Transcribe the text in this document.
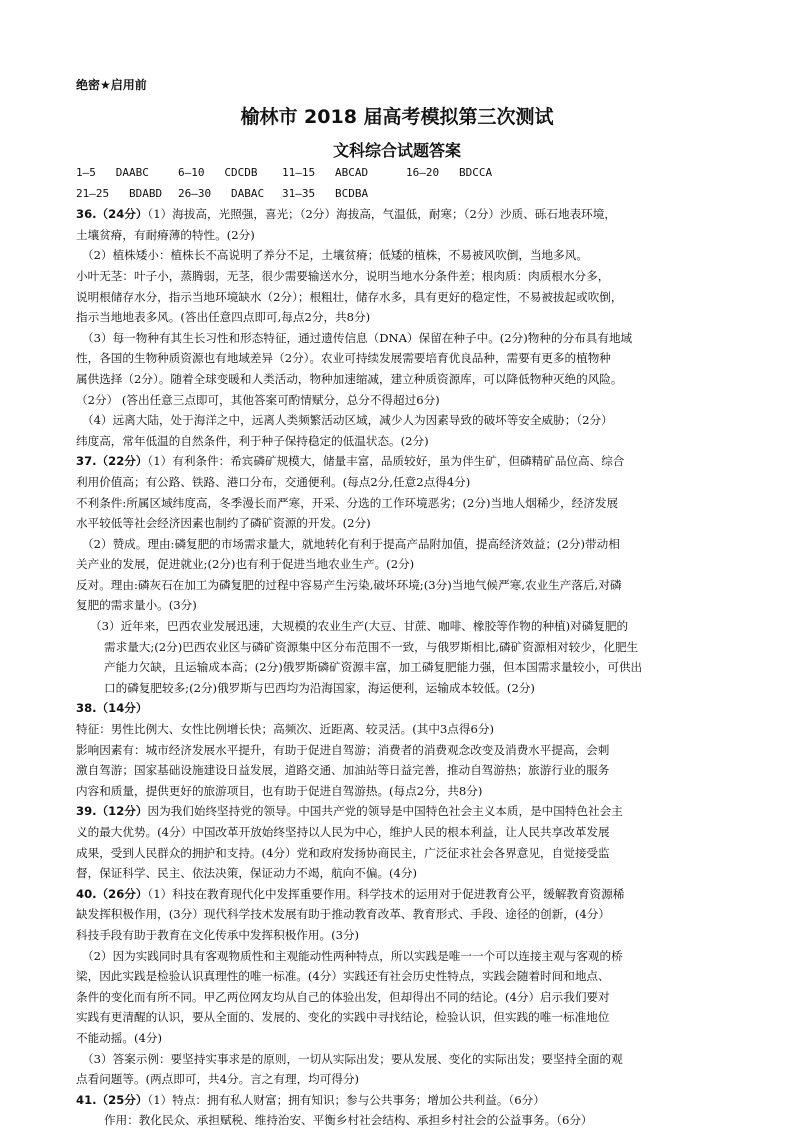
绝密★启用前
榆林市 2018 届高考模拟第三次测试
文科综合试题答案
1—5   DAABC	6—10   CDCDB 11—15   ABCAD	16—20   BDCCA
21—25   BDABD 26—30   DABAC 31—35   BCDBA
36.（24分）（1）海拔高，光照强，喜光；（2分）海拔高，气温低，耐寒；（2分）沙质、砾石地表环境，
土壤贫瘠，有耐瘠薄的特性。(2分)
（2）植株矮小：植株长不高说明了养分不足，土壤贫瘠；低矮的植株，不易被风吹倒，当地多风。
小叶无茎：叶子小，蒸腾弱，无茎，很少需要输送水分，说明当地水分条件差；根肉质：肉质根水分多，
说明根储存水分，指示当地环境缺水（2分）；根粗壮，储存水多，具有更好的稳定性，不易被拔起或吹倒，
指示当地地表多风。(答出任意四点即可,每点2分，共8分)
（3）每一物种有其生长习性和形态特征，通过遗传信息（DNA）保留在种子中。(2分)物种的分布具有地域
性，各国的生物种质资源也有地域差异（2分）。农业可持续发展需要培育优良品种，需要有更多的植物种
属供选择（2分）。随着全球变暖和人类活动，物种加速缩减，建立种质资源库，可以降低物种灭绝的风险。
（2分） (答出任意三点即可，其他答案可酌情赋分，总分不得超过6分)
（4）远离大陆，处于海洋之中，远离人类频繁活动区域，减少人为因素导致的破坏等安全威胁；（2分）
纬度高，常年低温的自然条件，利于种子保持稳定的低温状态。(2分)
37.（22分）（1）有利条件：希宾磷矿规模大，储量丰富，品质较好，虽为伴生矿，但磷精矿品位高、综合
利用价值高；有公路、铁路、港口分布，交通便利。(每点2分,任意2点得4分)
不利条件:所属区域纬度高，冬季漫长而严寒，开采、分选的工作环境恶劣；(2分)当地人烟稀少，经济发展
水平较低等社会经济因素也制约了磷矿资源的开发。(2分)
（2）赞成。理由:磷复肥的市场需求量大，就地转化有利于提高产品附加值，提高经济效益；(2分)带动相
关产业的发展，促进就业;(2分)也有利于促进当地农业生产。(2分)
反对。理由:磷灰石在加工为磷复肥的过程中容易产生污染,破坏环境;(3分)当地气候严寒,农业生产落后,对磷
复肥的需求量小。(3分)
（3）近年来，巴西农业发展迅速，大规模的农业生产(大豆、甘蔗、咖啡、橡胶等作物的种植)对磷复肥的
需求量大;(2分)巴西农业区与磷矿资源集中区分布范围不一致，与俄罗斯相比,磷矿资源相对较少，化肥生
产能力欠缺，且运输成本高；(2分)俄罗斯磷矿资源丰富，加工磷复肥能力强，但本国需求量较小，可供出
口的磷复肥较多;(2分)俄罗斯与巴西均为沿海国家，海运便利，运输成本较低。(2分)
38.（14分）
特征：男性比例大、女性比例增长快；高频次、近距离、较灵活。(其中3点得6分)
影响因素有：城市经济发展水平提升，有助于促进自驾游；消费者的消费观念改变及消费水平提高，会刺
激自驾游；国家基础设施建设日益发展，道路交通、加油站等日益完善，推动自驾游热；旅游行业的服务
内容和质量，提供更好的旅游项目，也有助于促进自驾游热。(每点2分，共8分)
39.（12分）因为我们始终坚持党的领导。中国共产党的领导是中国特色社会主义本质，是中国特色社会主
义的最大优势。(4分）中国改革开放始终坚持以人民为中心，维护人民的根本利益，让人民共享改革发展
成果，受到人民群众的拥护和支持。(4分）党和政府发扬协商民主，广泛征求社会各界意见，自觉接受监
督，保证科学、民主、依法决策，保证动力不竭，航向不偏。(4分)
40.（26分）（1）科技在教育现代化中发挥重要作用。科学技术的运用对于促进教育公平，缓解教育资源稀
缺发挥积极作用，(3分）现代科学技术发展有助于推动教育改革、教育形式、手段、途径的创新，(4分）
科技手段有助于教育在文化传承中发挥积极作用。(3分)
（2）因为实践同时具有客观物质性和主观能动性两种特点，所以实践是唯一一个可以连接主观与客观的桥
梁，因此实践是检验认识真理性的唯一标准。(4分）实践还有社会历史性特点，实践会随着时间和地点、
条件的变化而有所不同。甲乙两位网友均从自己的体验出发，但却得出不同的结论。(4分）启示我们要对
实践有更清醒的认识，要从全面的、发展的、变化的实践中寻找结论，检验认识，但实践的唯一标准地位
不能动摇。(4分)
（3）答案示例：要坚持实事求是的原则，一切从实际出发；要从发展、变化的实际出发；要坚持全面的观
点看问题等。(两点即可，共4分。言之有理，均可得分)
41.（25分）（1）特点：拥有私人财富；拥有知识；参与公共事务；增加公共利益。（6分）
作用：教化民众、承担赋税、维持治安、平衡乡村社会结构、承担乡村社会的公益事务。（6分）
